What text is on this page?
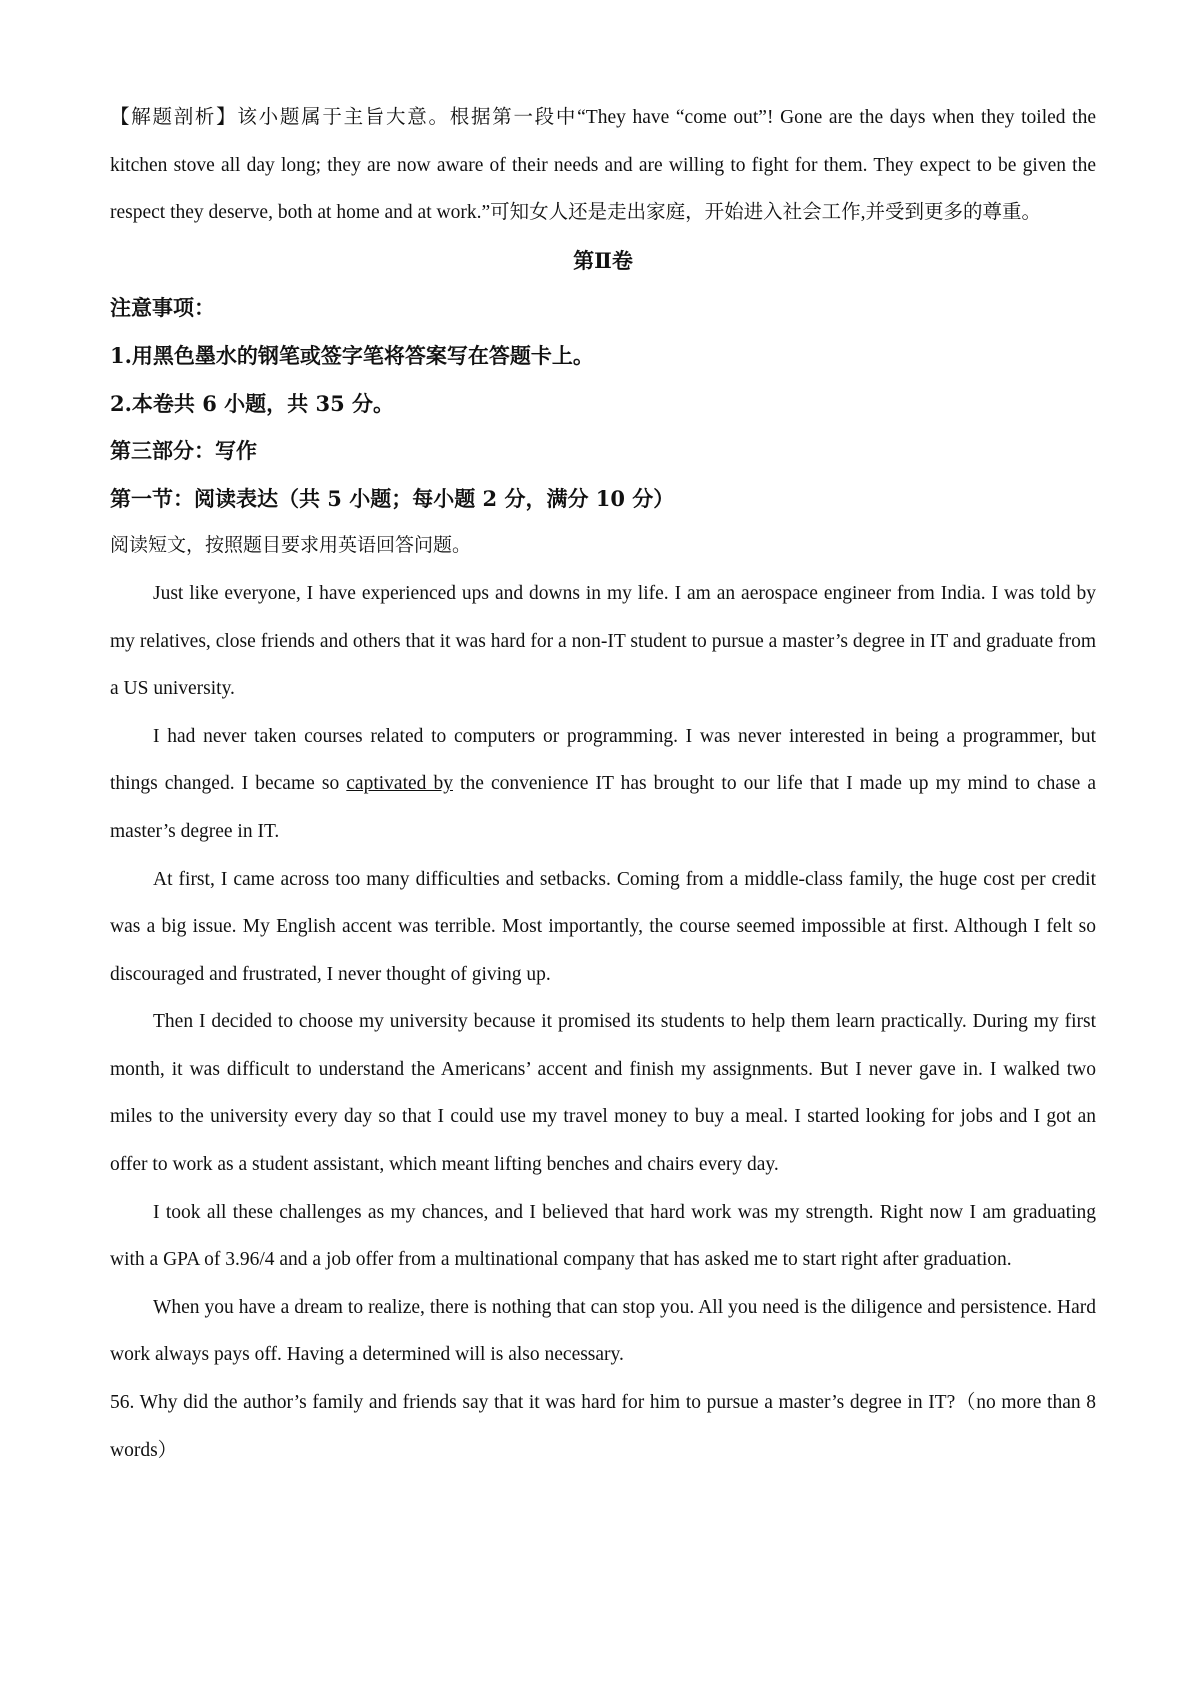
【解题剖析】该小题属于主旨大意。根据第一段中“They have “come out”! Gone are the days when they toiled the kitchen stove all day long; they are now aware of their needs and are willing to fight for them. They expect to be given the respect they deserve, both at home and at work.”可知女人还是走出家庭，开始进入社会工作,并受到更多的尊重。

第Ⅱ卷

注意事项：

1.用黑色墨水的钢笔或签字笔将答案写在答题卡上。

2.本卷共 6 小题，共 35 分。

第三部分：写作

第一节：阅读表达（共 5 小题；每小题 2 分，满分 10 分）

阅读短文，按照题目要求用英语回答问题。

Just like everyone, I have experienced ups and downs in my life. I am an aerospace engineer from India. I was told by my relatives, close friends and others that it was hard for a non-IT student to pursue a master’s degree in IT and graduate from a US university.

I had never taken courses related to computers or programming. I was never interested in being a programmer, but things changed. I became so captivated by the convenience IT has brought to our life that I made up my mind to chase a master’s degree in IT.

At first, I came across too many difficulties and setbacks. Coming from a middle-class family, the huge cost per credit was a big issue. My English accent was terrible. Most importantly, the course seemed impossible at first. Although I felt so discouraged and frustrated, I never thought of giving up.

Then I decided to choose my university because it promised its students to help them learn practically. During my first month, it was difficult to understand the Americans’ accent and finish my assignments. But I never gave in. I walked two miles to the university every day so that I could use my travel money to buy a meal. I started looking for jobs and I got an offer to work as a student assistant, which meant lifting benches and chairs every day.

I took all these challenges as my chances, and I believed that hard work was my strength. Right now I am graduating with a GPA of 3.96/4 and a job offer from a multinational company that has asked me to start right after graduation.

When you have a dream to realize, there is nothing that can stop you. All you need is the diligence and persistence. Hard work always pays off. Having a determined will is also necessary.

56. Why did the author’s family and friends say that it was hard for him to pursue a master’s degree in IT?（no more than 8 words）
